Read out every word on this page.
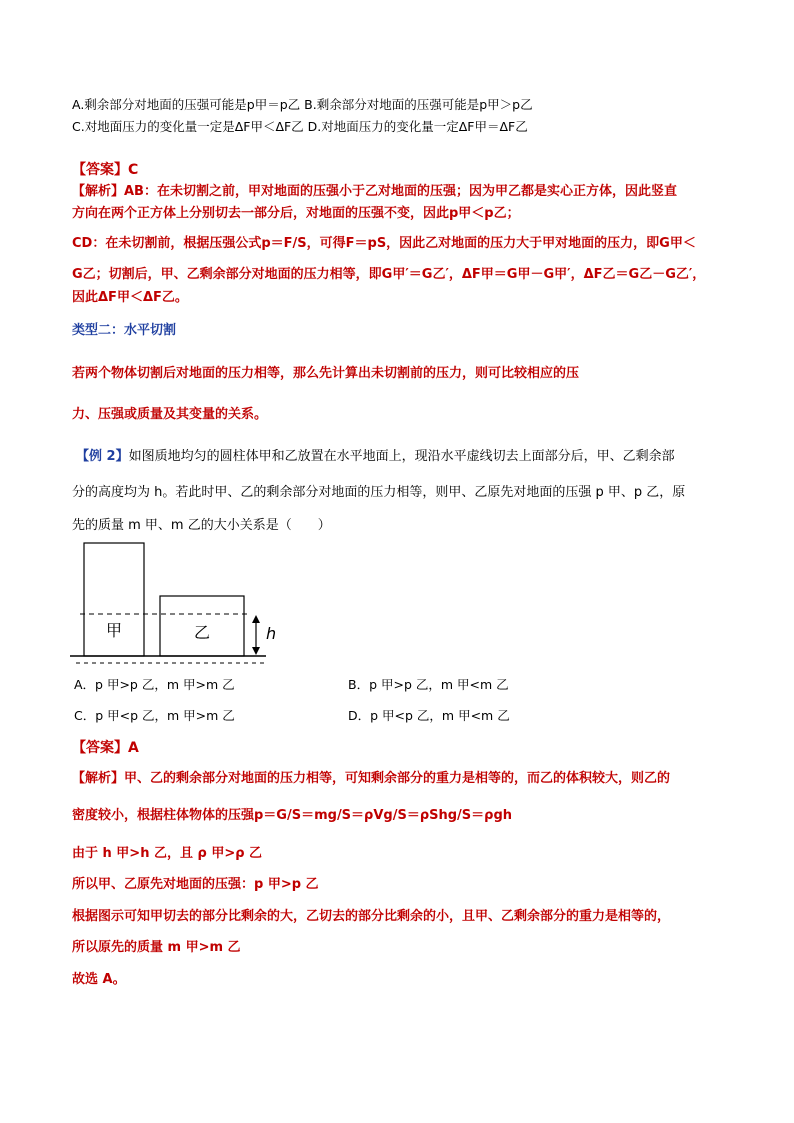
A.剩余部分对地面的压强可能是p甲＝p乙 B.剩余部分对地面的压强可能是p甲＞p乙
C.对地面压力的变化量一定是ΔF甲＜ΔF乙 D.对地面压力的变化量一定ΔF甲＝ΔF乙
【答案】C
【解析】AB：在未切割之前，甲对地面的压强小于乙对地面的压强；因为甲乙都是实心正方体，因此竖直
方向在两个正方体上分别切去一部分后，对地面的压强不变，因此p甲＜p乙；
CD：在未切割前，根据压强公式p＝F/S，可得F＝pS，因此乙对地面的压力大于甲对地面的压力，即G甲＜
G乙；切割后，甲、乙剩余部分对地面的压力相等，即G甲′＝G乙′，ΔF甲＝G甲－G甲′，ΔF乙＝G乙－G乙′，
因此ΔF甲＜ΔF乙。
类型二：水平切割
若两个物体切割后对地面的压力相等，那么先计算出未切割前的压力，则可比较相应的压
力、压强或质量及其变量的关系。
【例 2】如图质地均匀的圆柱体甲和乙放置在水平地面上，现沿水平虚线切去上面部分后，甲、乙剩余部
分的高度均为 h。若此时甲、乙的剩余部分对地面的压力相等，则甲、乙原先对地面的压强 p 甲、p 乙，原
先的质量 m 甲、m 乙的大小关系是（　　）
甲	乙	h
A．p 甲>p 乙，m 甲>m 乙	B．p 甲>p 乙，m 甲<m 乙
C．p 甲<p 乙，m 甲>m 乙	D．p 甲<p 乙，m 甲<m 乙
【答案】A
【解析】甲、乙的剩余部分对地面的压力相等，可知剩余部分的重力是相等的，而乙的体积较大，则乙的
密度较小，根据柱体物体的压强p＝G/S＝mg/S＝ρVg/S＝ρShg/S＝ρgh
由于 h 甲>h 乙，且 ρ 甲>ρ 乙
所以甲、乙原先对地面的压强：p 甲>p 乙
根据图示可知甲切去的部分比剩余的大，乙切去的部分比剩余的小，且甲、乙剩余部分的重力是相等的，
所以原先的质量 m 甲>m 乙
故选 A。
